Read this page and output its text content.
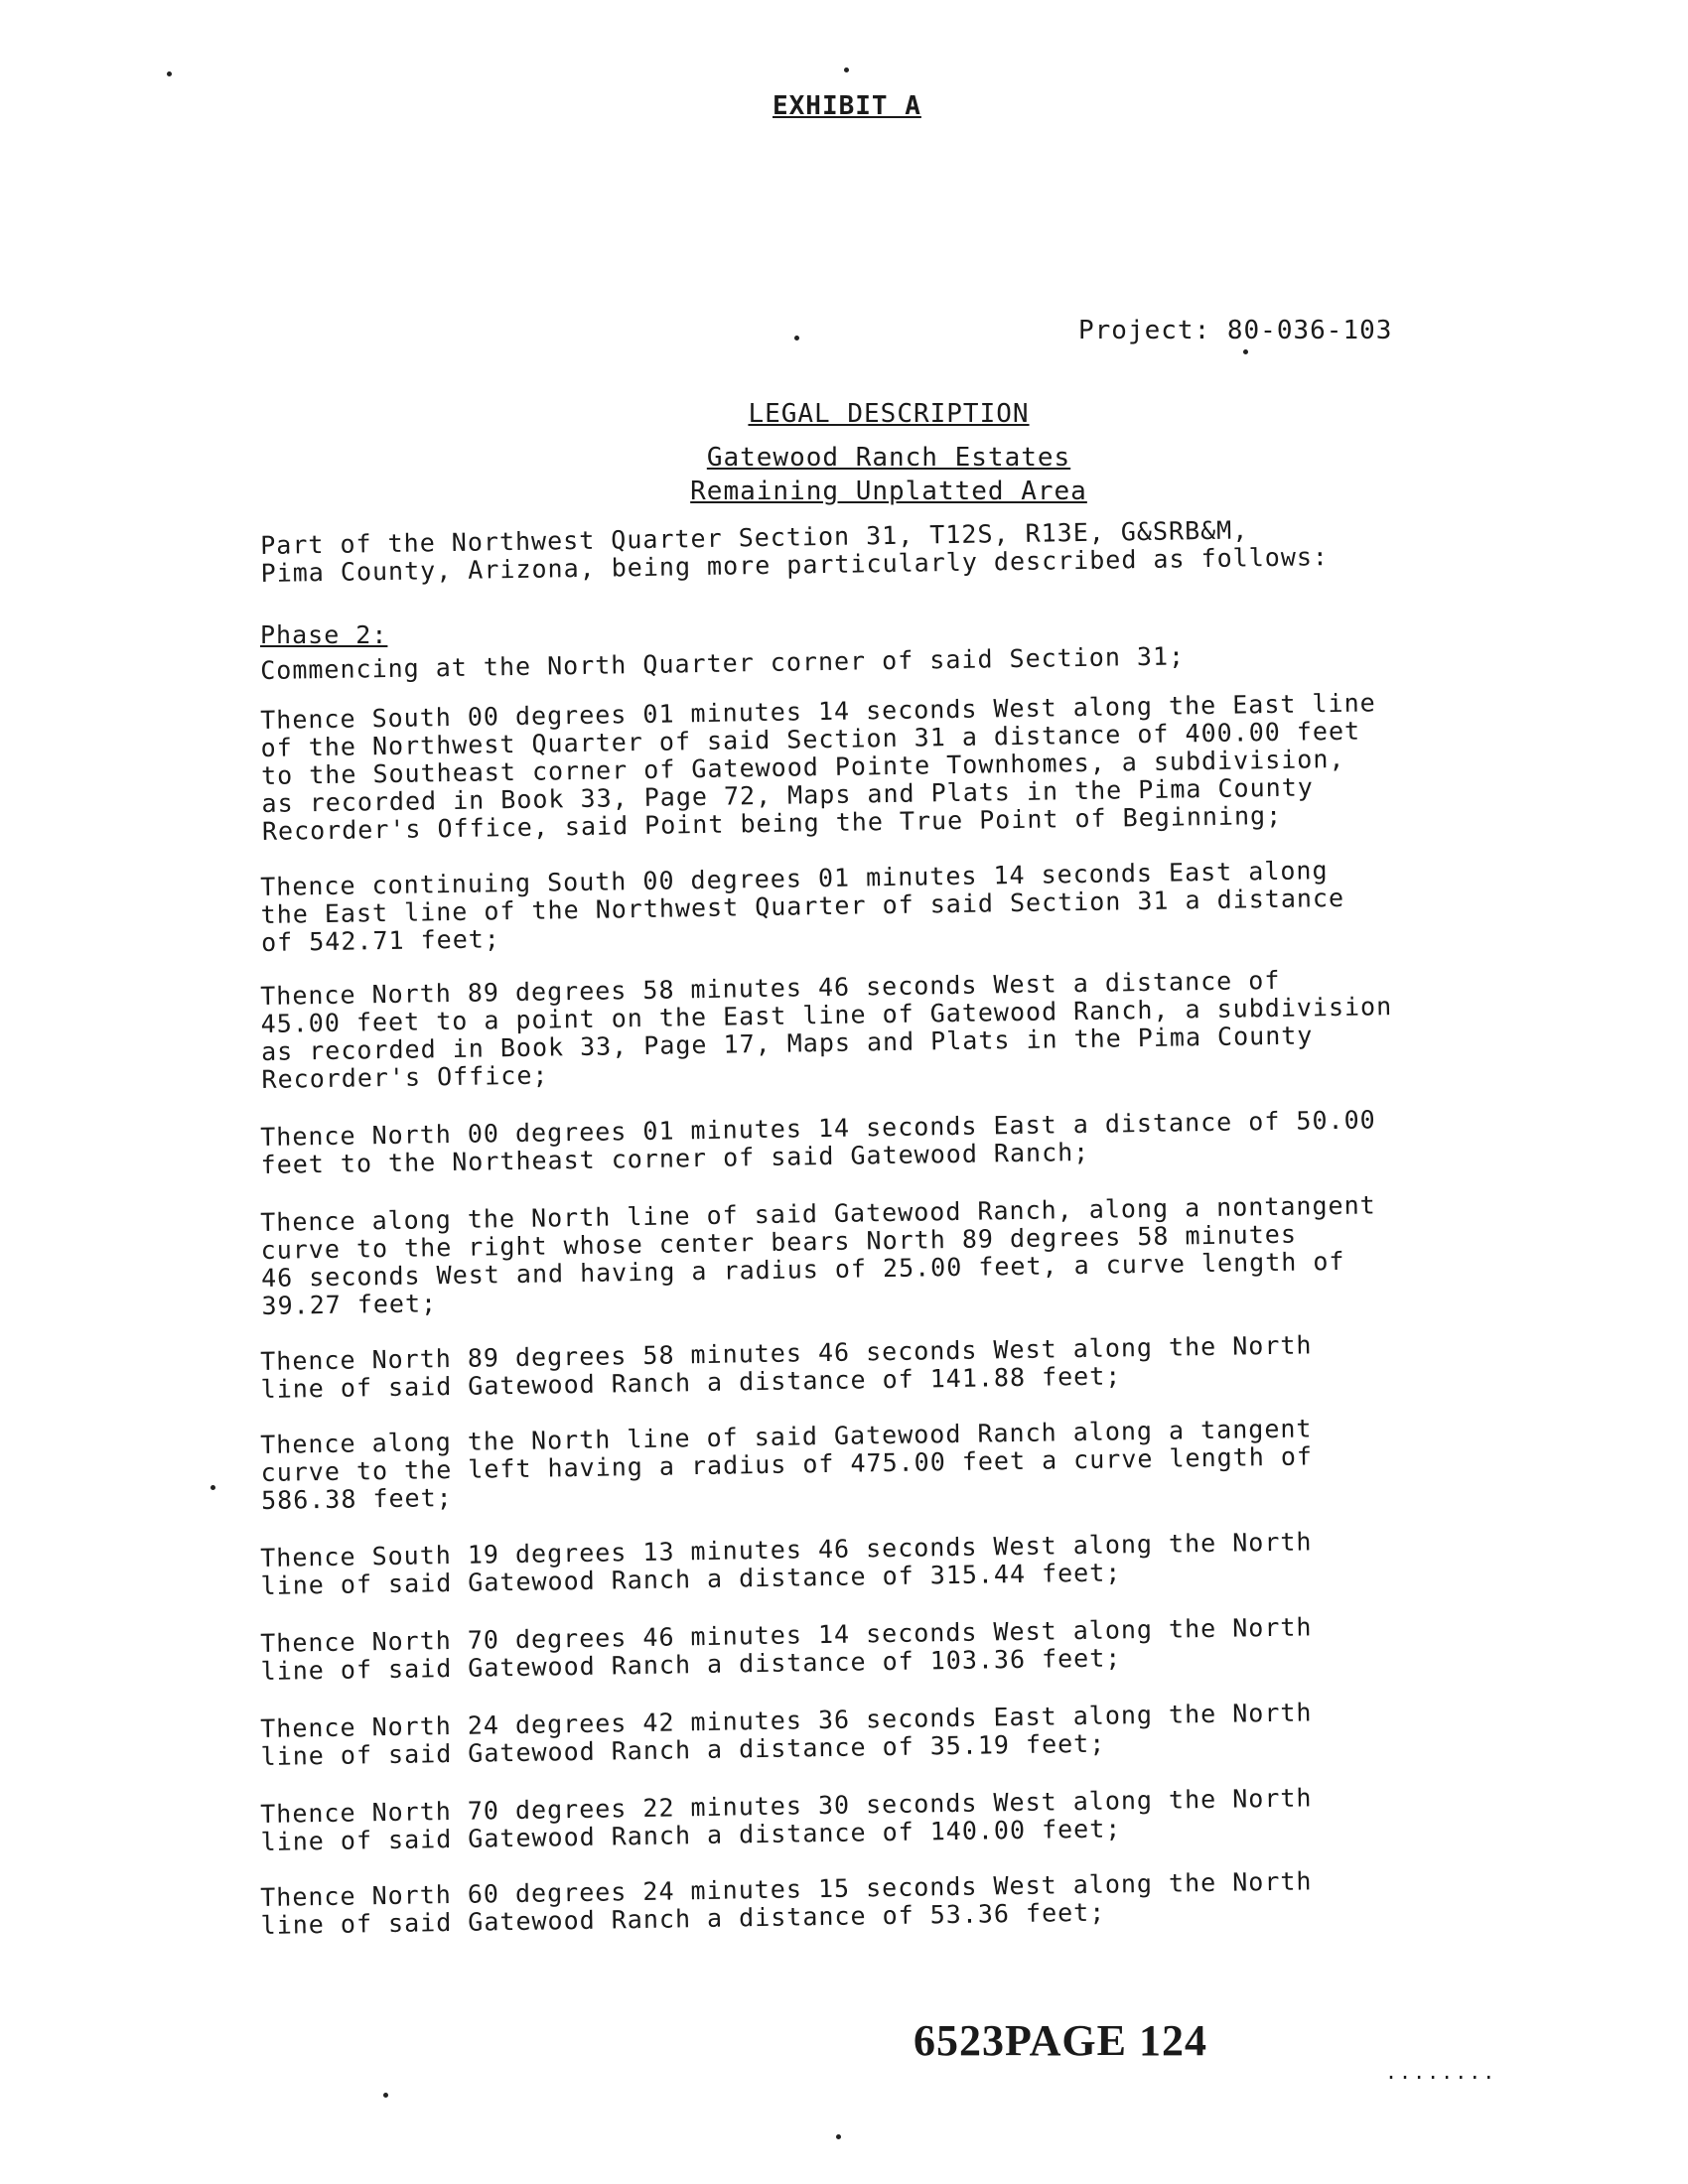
EXHIBIT A
Project: 80-036-103
LEGAL DESCRIPTION
Gatewood Ranch Estates
Remaining Unplatted Area
Part of the Northwest Quarter Section 31, T12S, R13E, G&SRB&M,
Pima County, Arizona, being more particularly described as follows:
Phase 2:
Commencing at the North Quarter corner of said Section 31;
Thence South 00 degrees 01 minutes 14 seconds West along the East line
of the Northwest Quarter of said Section 31 a distance of 400.00 feet
to the Southeast corner of Gatewood Pointe Townhomes, a subdivision,
as recorded in Book 33, Page 72, Maps and Plats in the Pima County
Recorder's Office, said Point being the True Point of Beginning;
Thence continuing South 00 degrees 01 minutes 14 seconds East along
the East line of the Northwest Quarter of said Section 31 a distance
of 542.71 feet;
Thence North 89 degrees 58 minutes 46 seconds West a distance of
45.00 feet to a point on the East line of Gatewood Ranch, a subdivision
as recorded in Book 33, Page 17, Maps and Plats in the Pima County
Recorder's Office;
Thence North 00 degrees 01 minutes 14 seconds East a distance of 50.00
feet to the Northeast corner of said Gatewood Ranch;
Thence along the North line of said Gatewood Ranch, along a nontangent
curve to the right whose center bears North 89 degrees 58 minutes
46 seconds West and having a radius of 25.00 feet, a curve length of
39.27 feet;
Thence North 89 degrees 58 minutes 46 seconds West along the North
line of said Gatewood Ranch a distance of 141.88 feet;
Thence along the North line of said Gatewood Ranch along a tangent
curve to the left having a radius of 475.00 feet a curve length of
586.38 feet;
Thence South 19 degrees 13 minutes 46 seconds West along the North
line of said Gatewood Ranch a distance of 315.44 feet;
Thence North 70 degrees 46 minutes 14 seconds West along the North
line of said Gatewood Ranch a distance of 103.36 feet;
Thence North 24 degrees 42 minutes 36 seconds East along the North
line of said Gatewood Ranch a distance of 35.19 feet;
Thence North 70 degrees 22 minutes 30 seconds West along the North
line of said Gatewood Ranch a distance of 140.00 feet;
Thence North 60 degrees 24 minutes 15 seconds West along the North
line of said Gatewood Ranch a distance of 53.36 feet;
6523PAGE 124
........
